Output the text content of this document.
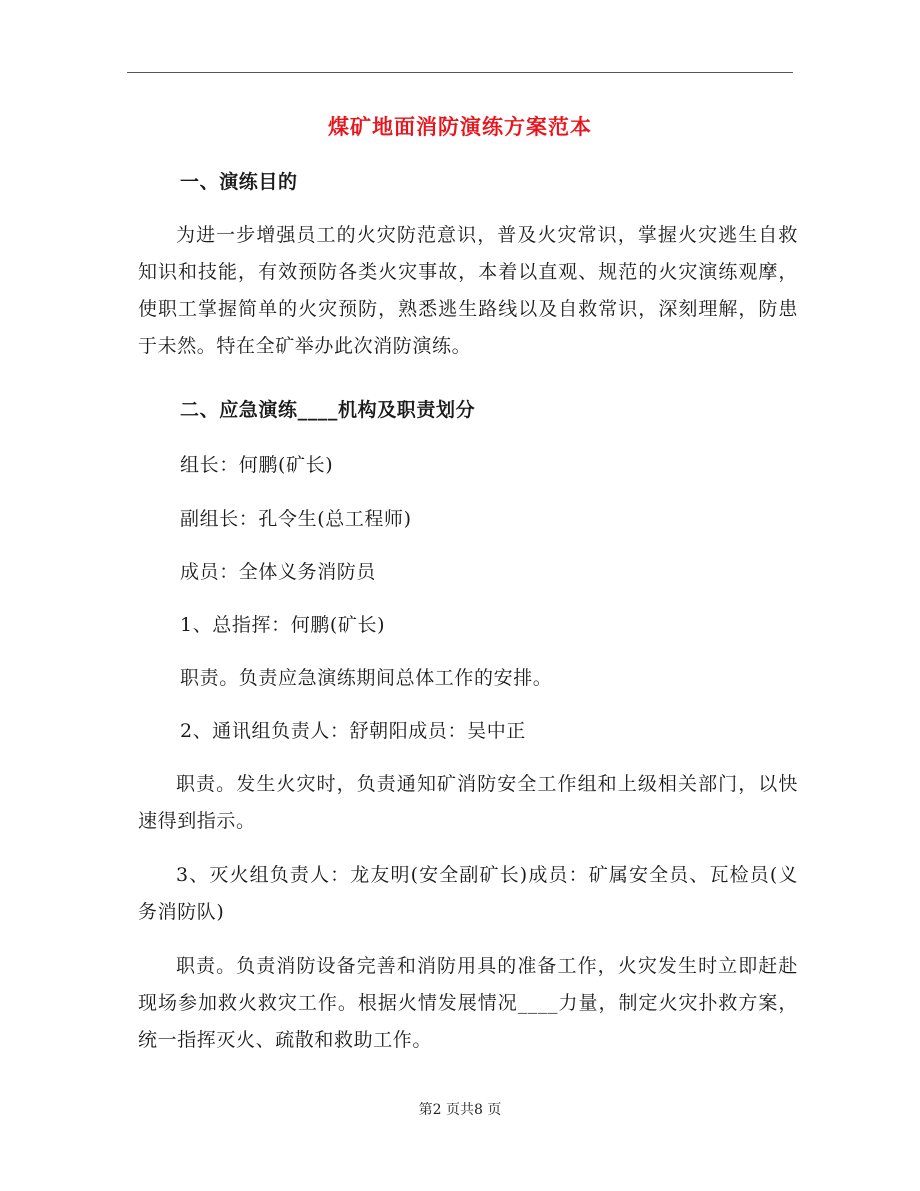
煤矿地面消防演练方案范本

一、演练目的

为进一步增强员工的火灾防范意识，普及火灾常识，掌握火灾逃生自救知识和技能，有效预防各类火灾事故，本着以直观、规范的火灾演练观摩，使职工掌握简单的火灾预防，熟悉逃生路线以及自救常识，深刻理解，防患于未然。特在全矿举办此次消防演练。

二、应急演练____机构及职责划分

组长：何鹏(矿长)

副组长：孔令生(总工程师)

成员：全体义务消防员

1、总指挥：何鹏(矿长)

职责。负责应急演练期间总体工作的安排。

2、通讯组负责人：舒朝阳成员：吴中正

职责。发生火灾时，负责通知矿消防安全工作组和上级相关部门，以快速得到指示。

3、灭火组负责人：龙友明(安全副矿长)成员：矿属安全员、瓦检员(义务消防队)

职责。负责消防设备完善和消防用具的准备工作，火灾发生时立即赶赴现场参加救火救灾工作。根据火情发展情况____力量，制定火灾扑救方案，统一指挥灭火、疏散和救助工作。

第2 页共8 页
